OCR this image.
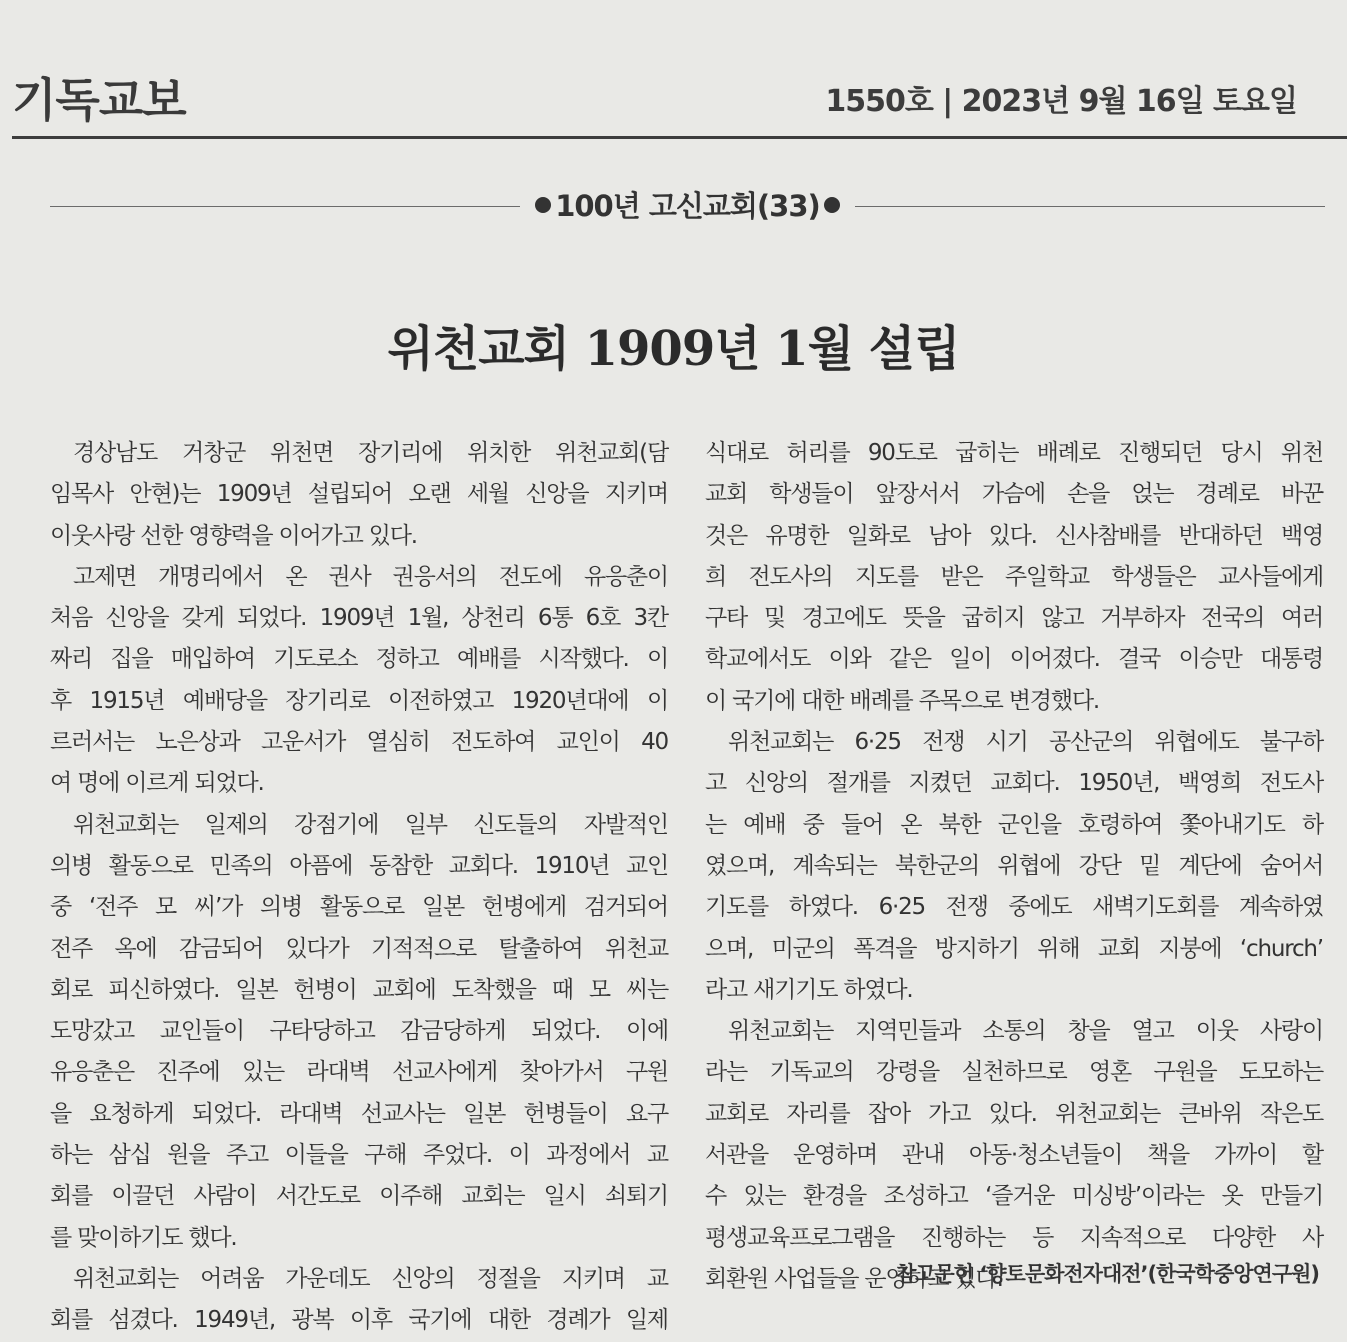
기독교보	1550호 | 2023년 9월 16일 토요일
100년 고신교회(33)
위천교회 1909년 1월 설립
경상남도 거창군 위천면 장기리에 위치한 위천교회(담
임목사 안현)는 1909년 설립되어 오랜 세월 신앙을 지키며
이웃사랑 선한 영향력을 이어가고 있다.
고제면 개명리에서 온 권사 권응서의 전도에 유응춘이
처음 신앙을 갖게 되었다. 1909년 1월, 상천리 6통 6호 3칸
짜리 집을 매입하여 기도로소 정하고 예배를 시작했다. 이
후 1915년 예배당을 장기리로 이전하였고 1920년대에 이
르러서는 노은상과 고운서가 열심히 전도하여 교인이 40
여 명에 이르게 되었다.
위천교회는 일제의 강점기에 일부 신도들의 자발적인
의병 활동으로 민족의 아픔에 동참한 교회다. 1910년 교인
중 ‘전주 모 씨’가 의병 활동으로 일본 헌병에게 검거되어
전주 옥에 감금되어 있다가 기적적으로 탈출하여 위천교
회로 피신하였다. 일본 헌병이 교회에 도착했을 때 모 씨는
도망갔고 교인들이 구타당하고 감금당하게 되었다. 이에
유응춘은 진주에 있는 라대벽 선교사에게 찾아가서 구원
을 요청하게 되었다. 라대벽 선교사는 일본 헌병들이 요구
하는 삼십 원을 주고 이들을 구해 주었다. 이 과정에서 교
회를 이끌던 사람이 서간도로 이주해 교회는 일시 쇠퇴기
를 맞이하기도 했다.
위천교회는 어려움 가운데도 신앙의 정절을 지키며 교
회를 섬겼다. 1949년, 광복 이후 국기에 대한 경례가 일제
식대로 허리를 90도로 굽히는 배례로 진행되던 당시 위천
교회 학생들이 앞장서서 가슴에 손을 얹는 경례로 바꾼
것은 유명한 일화로 남아 있다. 신사참배를 반대하던 백영
희 전도사의 지도를 받은 주일학교 학생들은 교사들에게
구타 및 경고에도 뜻을 굽히지 않고 거부하자 전국의 여러
학교에서도 이와 같은 일이 이어졌다. 결국 이승만 대통령
이 국기에 대한 배례를 주목으로 변경했다.
위천교회는 6·25 전쟁 시기 공산군의 위협에도 불구하
고 신앙의 절개를 지켰던 교회다. 1950년, 백영희 전도사
는 예배 중 들어 온 북한 군인을 호령하여 쫓아내기도 하
였으며, 계속되는 북한군의 위협에 강단 밑 계단에 숨어서
기도를 하였다. 6·25 전쟁 중에도 새벽기도회를 계속하였
으며, 미군의 폭격을 방지하기 위해 교회 지붕에 ‘church’
라고 새기기도 하였다.
위천교회는 지역민들과 소통의 창을 열고 이웃 사랑이
라는 기독교의 강령을 실천하므로 영혼 구원을 도모하는
교회로 자리를 잡아 가고 있다. 위천교회는 큰바위 작은도
서관을 운영하며 관내 아동·청소년들이 책을 가까이 할
수 있는 환경을 조성하고 ‘즐거운 미싱방’이라는 옷 만들기
평생교육프로그램을 진행하는 등 지속적으로 다양한 사
회환원 사업들을 운영하고 있다.
참고문헌 ‘향토문화전자대전’(한국학중앙연구원)
